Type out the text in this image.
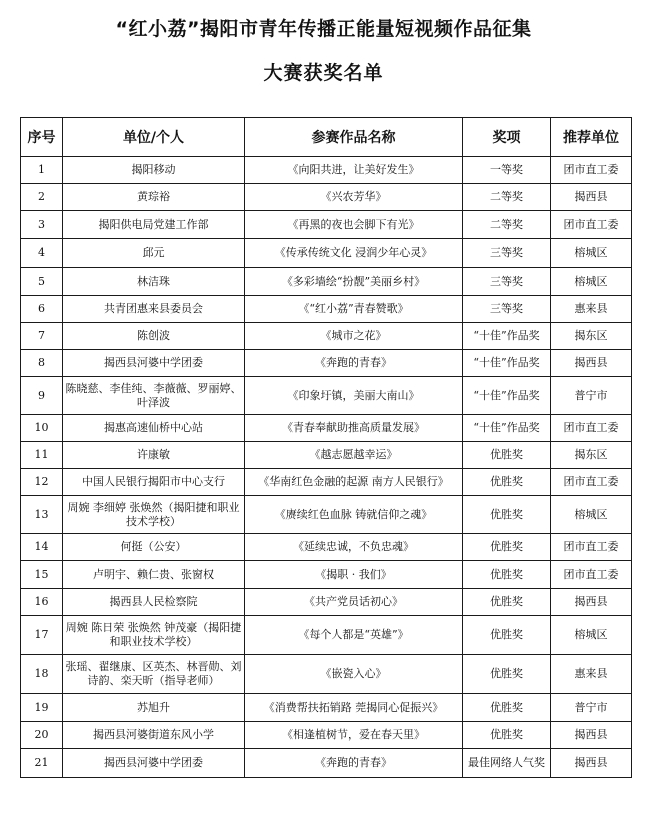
“红小荔”揭阳市青年传播正能量短视频作品征集
大赛获奖名单
序号	单位/个人	参赛作品名称	奖项	推荐单位
1	揭阳移动	《向阳共进，让美好发生》	一等奖	团市直工委
2	黄琮裕	《兴农芳华》	二等奖	揭西县
3	揭阳供电局党建工作部	《再黑的夜也会脚下有光》	二等奖	团市直工委
4	邱元	《传承传统文化 浸润少年心灵》	三等奖	榕城区
5	林洁珠	《多彩墙绘“扮靓”美丽乡村》	三等奖	榕城区
6	共青团惠来县委员会	《“红小荔”青春赞歌》	三等奖	惠来县
7	陈创波	《城市之花》	“十佳”作品奖	揭东区
8	揭西县河婆中学团委	《奔跑的青春》	“十佳”作品奖	揭西县
9	陈晓慈、李佳纯、李薇薇、罗丽婷、叶泽波	《印象圩镇，美丽大南山》	“十佳”作品奖	普宁市
10	揭惠高速仙桥中心站	《青春奉献助推高质量发展》	“十佳”作品奖	团市直工委
11	许康敏	《越志愿越幸运》	优胜奖	揭东区
12	中国人民银行揭阳市中心支行	《华南红色金融的起源 南方人民银行》	优胜奖	团市直工委
13	周婉 李细婷 张焕然（揭阳捷和职业技术学校）	《赓续红色血脉 铸就信仰之魂》	优胜奖	榕城区
14	何挺（公安）	《延续忠诚，不负忠魂》	优胜奖	团市直工委
15	卢明宇、赖仁贵、张窗权	《揭职 · 我们》	优胜奖	团市直工委
16	揭西县人民检察院	《共产党员话初心》	优胜奖	揭西县
17	周婉 陈日荣 张焕然 钟茂豪（揭阳捷和职业技术学校）	《每个人都是“英雄”》	优胜奖	榕城区
18	张瑶、翟继康、区英杰、林晋勋、刘诗韵、栾天昕（指导老师）	《嵌瓷入心》	优胜奖	惠来县
19	苏旭升	《消费帮扶拓销路 莞揭同心促振兴》	优胜奖	普宁市
20	揭西县河婆街道东风小学	《相逢植树节，爱在春天里》	优胜奖	揭西县
21	揭西县河婆中学团委	《奔跑的青春》	最佳网络人气奖	揭西县
